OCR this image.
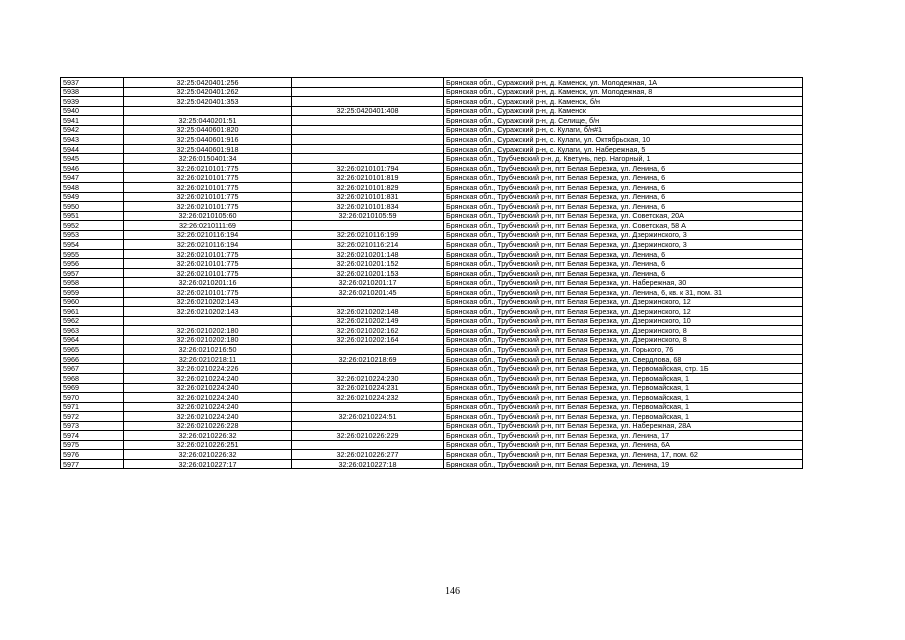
5937	32:25:0420401:256		Брянская обл., Суражский р-н, д. Каменск, ул. Молодежная, 1А
5938	32:25:0420401:262		Брянская обл., Суражский р-н, д. Каменск, ул. Молодежная, 8
5939	32:25:0420401:353		Брянская обл., Суражский р-н, д. Каменск, б/н
5940		32:25:0420401:408	Брянская обл., Суражский р-н, д. Каменск
5941	32:25:0440201:51		Брянская обл., Суражский р-н, д. Селище, б/н
5942	32:25:0440601:820		Брянская обл., Суражский р-н, с. Кулаги, б/н#1
5943	32:25:0440601:916		Брянская обл., Суражский р-н, с. Кулаги, ул. Октябрьская, 10
5944	32:25:0440601:918		Брянская обл., Суражский р-н, с. Кулаги, ул. Набережная, 5
5945	32:26:0150401:34		Брянская обл., Трубчевский р-н, д. Кветунь, пер. Нагорный, 1
5946	32:26:0210101:775	32:26:0210101:794	Брянская обл., Трубчевский р-н, пгт Белая Березка, ул. Ленина, 6
5947	32:26:0210101:775	32:26:0210101:819	Брянская обл., Трубчевский р-н, пгт Белая Березка, ул. Ленина, 6
5948	32:26:0210101:775	32:26:0210101:829	Брянская обл., Трубчевский р-н, пгт Белая Березка, ул. Ленина, 6
5949	32:26:0210101:775	32:26:0210101:831	Брянская обл., Трубчевский р-н, пгт Белая Березка, ул. Ленина, 6
5950	32:26:0210101:775	32:26:0210101:834	Брянская обл., Трубчевский р-н, пгт Белая Березка, ул. Ленина, 6
5951	32:26:0210105:60	32:26:0210105:59	Брянская обл., Трубчевский р-н, пгт Белая Березка, ул. Советская, 20А
5952	32:26:0210111:69		Брянская обл., Трубчевский р-н, пгт Белая Березка, ул. Советская, 58 А
5953	32:26:0210116:194	32:26:0210116:199	Брянская обл., Трубчевский р-н, пгт Белая Березка, ул. Дзержинского, 3
5954	32:26:0210116:194	32:26:0210116:214	Брянская обл., Трубчевский р-н, пгт Белая Березка, ул. Дзержинского, 3
5955	32:26:0210101:775	32:26:0210201:148	Брянская обл., Трубчевский р-н, пгт Белая Березка, ул. Ленина, 6
5956	32:26:0210101:775	32:26:0210201:152	Брянская обл., Трубчевский р-н, пгт Белая Березка, ул. Ленина, 6
5957	32:26:0210101:775	32:26:0210201:153	Брянская обл., Трубчевский р-н, пгт Белая Березка, ул. Ленина, 6
5958	32:26:0210201:16	32:26:0210201:17	Брянская обл., Трубчевский р-н, пгт Белая Березка, ул. Набережная, 30
5959	32:26:0210101:775	32:26:0210201:45	Брянская обл., Трубчевский р-н, пгт Белая Березка, ул. Ленина, 6, кв. к 31, пом. 31
5960	32:26:0210202:143		Брянская обл., Трубчевский р-н, пгт Белая Березка, ул. Дзержинского, 12
5961	32:26:0210202:143	32:26:0210202:148	Брянская обл., Трубчевский р-н, пгт Белая Березка, ул. Дзержинского, 12
5962		32:26:0210202:149	Брянская обл., Трубчевский р-н, пгт Белая Березка, ул. Дзержинского, 10
5963	32:26:0210202:180	32:26:0210202:162	Брянская обл., Трубчевский р-н, пгт Белая Березка, ул. Дзержинского, 8
5964	32:26:0210202:180	32:26:0210202:164	Брянская обл., Трубчевский р-н, пгт Белая Березка, ул. Дзержинского, 8
5965	32:26:0210216:50		Брянская обл., Трубчевский р-н, пгт Белая Березка, ул. Горького, 76
5966	32:26:0210218:11	32:26:0210218:69	Брянская обл., Трубчевский р-н, пгт Белая Березка, ул. Свердлова, 68
5967	32:26:0210224:226		Брянская обл., Трубчевский р-н, пгт Белая Березка, ул. Первомайская, стр. 1Б
5968	32:26:0210224:240	32:26:0210224:230	Брянская обл., Трубчевский р-н, пгт Белая Березка, ул. Первомайская, 1
5969	32:26:0210224:240	32:26:0210224:231	Брянская обл., Трубчевский р-н, пгт Белая Березка, ул. Первомайская, 1
5970	32:26:0210224:240	32:26:0210224:232	Брянская обл., Трубчевский р-н, пгт Белая Березка, ул. Первомайская, 1
5971	32:26:0210224:240		Брянская обл., Трубчевский р-н, пгт Белая Березка, ул. Первомайская, 1
5972	32:26:0210224:240	32:26:0210224:51	Брянская обл., Трубчевский р-н, пгт Белая Березка, ул. Первомайская, 1
5973	32:26:0210226:228		Брянская обл., Трубчевский р-н, пгт Белая Березка, ул. Набережная, 28А
5974	32:26:0210226:32	32:26:0210226:229	Брянская обл., Трубчевский р-н, пгт Белая Березка, ул. Ленина, 17
5975	32:26:0210226:251		Брянская обл., Трубчевский р-н, пгт Белая Березка, ул. Ленина, 6А
5976	32:26:0210226:32	32:26:0210226:277	Брянская обл., Трубчевский р-н, пгт Белая Березка, ул. Ленина, 17, пом. 62
5977	32:26:0210227:17	32:26:0210227:18	Брянская обл., Трубчевский р-н, пгт Белая Березка, ул. Ленина, 19
146
